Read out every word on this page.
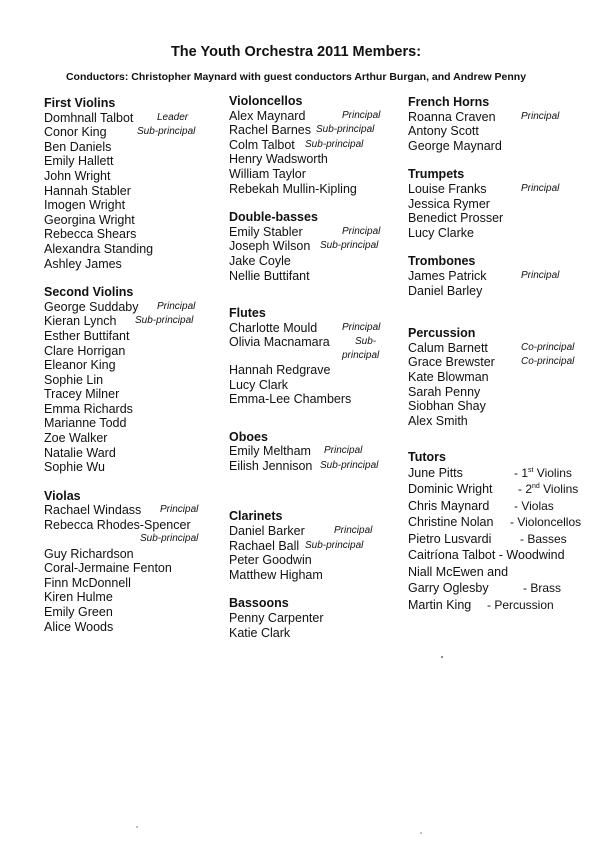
The Youth Orchestra 2011 Members:
Conductors: Christopher Maynard with guest conductors Arthur Burgan, and Andrew Penny
First Violins
Domhnall Talbot Leader
Conor King	Sub-principal
Ben Daniels
Emily Hallett
John Wright
Hannah Stabler
Imogen Wright
Georgina Wright
Rebecca Shears
Alexandra Standing
Ashley James
Second Violins
George Suddaby Principal
Kieran Lynch Sub-principal
Esther Buttifant
Clare Horrigan
Eleanor King
Sophie Lin
Tracey Milner
Emma Richards
Marianne Todd
Zoe Walker
Natalie Ward
Sophie Wu
Violas
Rachael Windass Principal
Rebecca Rhodes-Spencer
Sub-principal
Guy Richardson
Coral-Jermaine Fenton
Finn McDonnell
Kiren Hulme
Emily Green
Alice Woods
Violoncellos
Alex Maynard	Principal
Rachel Barnes Sub-principal
Colm Talbot Sub-principal
Henry Wadsworth
William Taylor
Rebekah Mullin-Kipling
Double-basses
Emily Stabler	Principal
Joseph Wilson Sub-principal
Jake Coyle
Nellie Buttifant
Flutes
Charlotte Mould Principal
Olivia Macnamara	Sub-
principal
Hannah Redgrave
Lucy Clark
Emma-Lee Chambers
Oboes
Emily Meltham Principal
Eilish Jennison Sub-principal
Clarinets
Daniel Barker	Principal
Rachael Ball Sub-principal
Peter Goodwin
Matthew Higham
Bassoons
Penny Carpenter
Katie Clark
French Horns
Roanna Craven	Principal
Antony Scott
George Maynard
Trumpets
Louise Franks	Principal
Jessica Rymer
Benedict Prosser
Lucy Clarke
Trombones
James Patrick	Principal
Daniel Barley
Percussion
Calum Barnett	Co-principal
Grace Brewster	Co-principal
Kate Blowman
Sarah Penny
Siobhan Shay
Alex Smith
Tutors
June Pitts	- 1st Violins
Dominic Wright - 2nd Violins
Chris Maynard - Violas
Christine Nolan - Violoncellos
Pietro Lusvardi - Basses
Caitríona Talbot - Woodwind
Niall McEwen and
Garry Oglesby	- Brass
Martin King - Percussion
